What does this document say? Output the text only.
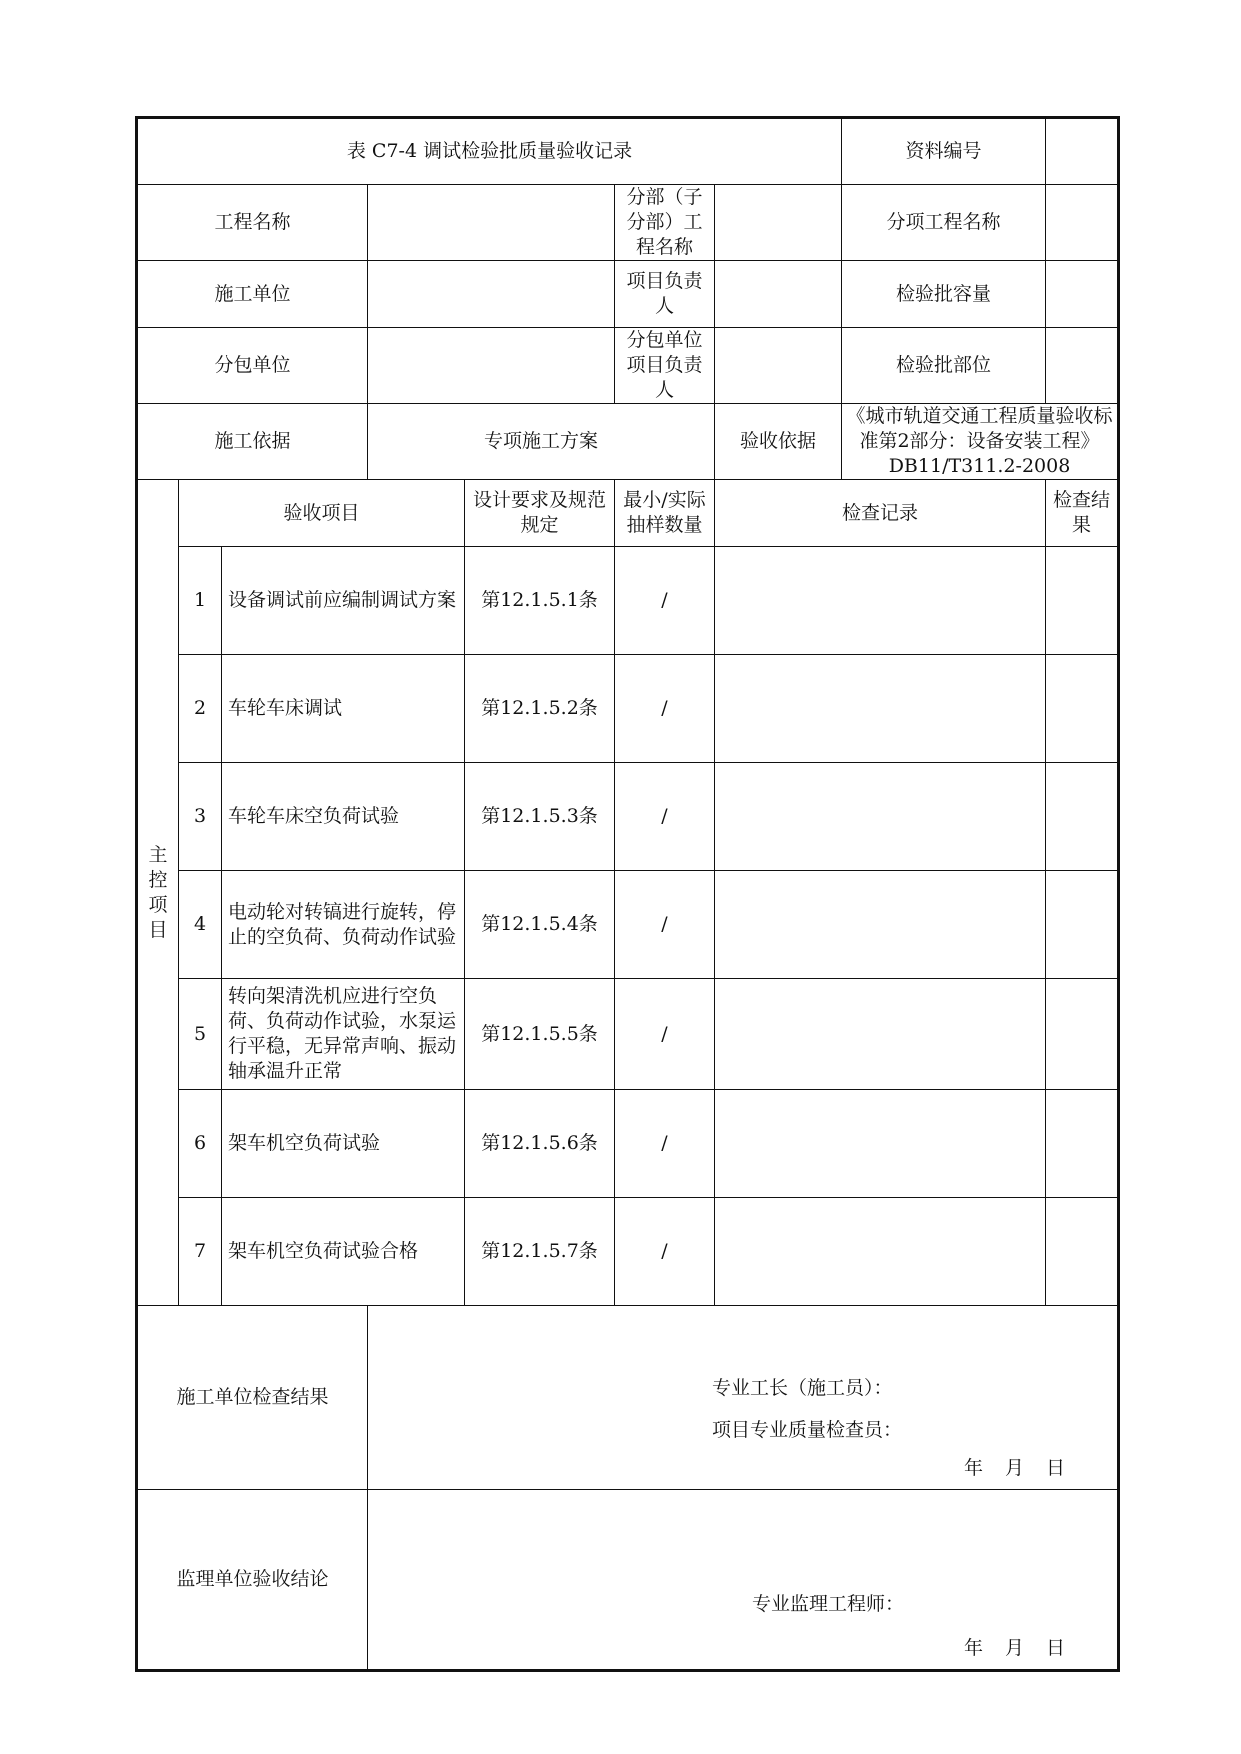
表 C7-4 调试检验批质量验收记录							资料编号	
工程名称					分部（子分部）工程名称		分项工程名称	
施工单位					项目负责人		检验批容量	
分包单位					分包单位项目负责人		检验批部位	
施工依据			专项施工方案			验收依据	《城市轨道交通工程质量验收标准第2部分：设备安装工程》DB11/T311.2-2008	
主控项目	验收项目			设计要求及规范规定	最小/实际抽样数量	检查记录		检查结果
	1	设备调试前应编制调试方案		第12.1.5.1条	/			
	2	车轮车床调试		第12.1.5.2条	/			
	3	车轮车床空负荷试验		第12.1.5.3条	/			
	4	电动轮对转镐进行旋转，停止的空负荷、负荷动作试验		第12.1.5.4条	/			
	5	转向架清洗机应进行空负荷、负荷动作试验，水泵运行平稳，无异常声响、振动轴承温升正常		第12.1.5.5条	/			
	6	架车机空负荷试验		第12.1.5.6条	/			
	7	架车机空负荷试验合格		第12.1.5.7条	/			
施工单位检查结果			专业工长（施工员）：
项目专业质量检查员：
年 月 日					

监理单位验收结论			专业监理工程师：
年 月 日					
